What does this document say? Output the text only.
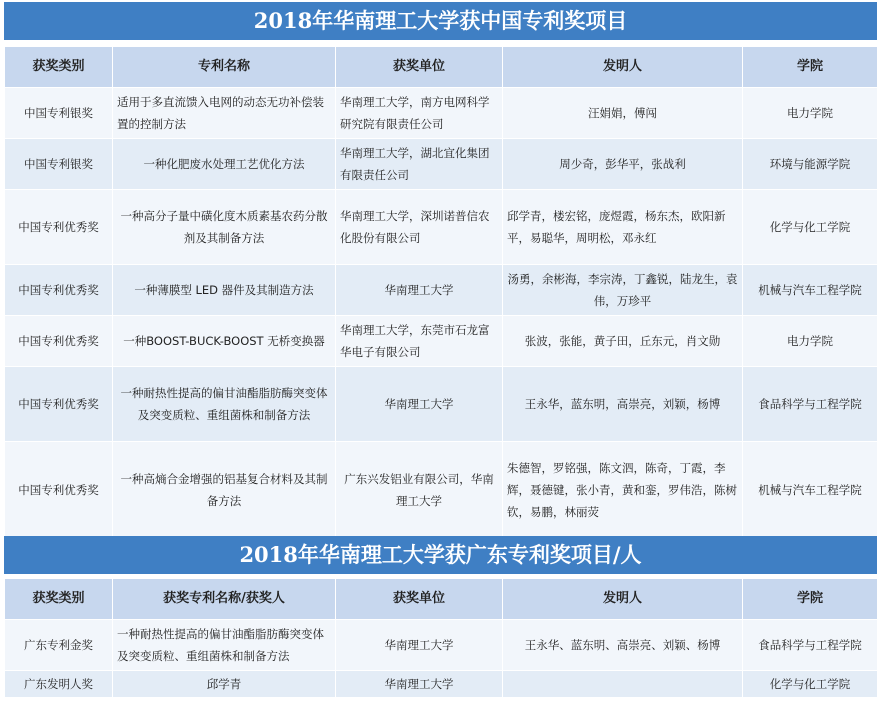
2018年华南理工大学获中国专利奖项目
获奖类别	专利名称	获奖单位	发明人	学院
中国专利银奖	适用于多直流馈入电网的动态无功补偿装置的控制方法	华南理工大学，南方电网科学研究院有限责任公司	汪娟娟，傅闯	电力学院
中国专利银奖	一种化肥废水处理工艺优化方法	华南理工大学，湖北宜化集团有限责任公司	周少奇，彭华平，张战利	环境与能源学院
中国专利优秀奖	一种高分子量中磺化度木质素基农药分散剂及其制备方法	华南理工大学，深圳诺普信农化股份有限公司	邱学青，楼宏铭，庞煜霞，杨东杰，欧阳新平，易聪华，周明松，邓永红	化学与化工学院
中国专利优秀奖	一种薄膜型 LED 器件及其制造方法	华南理工大学	汤勇，余彬海，李宗涛，丁鑫锐，陆龙生，袁伟，万珍平	机械与汽车工程学院
中国专利优秀奖	一种BOOST-BUCK-BOOST 无桥变换器	华南理工大学，东莞市石龙富华电子有限公司	张波，张能，黄子田，丘东元，肖文勋	电力学院
中国专利优秀奖	一种耐热性提高的偏甘油酯脂肪酶突变体及突变质粒、重组菌株和制备方法	华南理工大学	王永华，蓝东明，高崇亮，刘颖，杨博	食品科学与工程学院
中国专利优秀奖	一种高熵合金增强的铝基复合材料及其制备方法	广东兴发铝业有限公司，华南理工大学	朱德智，罗铭强，陈文泗，陈奇，丁霞，李辉，聂德键，张小青，黄和銮，罗伟浩，陈树钦，易鹏，林丽荧	机械与汽车工程学院
2018年华南理工大学获广东专利奖项目/人
获奖类别	获奖专利名称/获奖人	获奖单位	发明人	学院
广东专利金奖	一种耐热性提高的偏甘油酯脂肪酶突变体及突变质粒、重组菌株和制备方法	华南理工大学	王永华、蓝东明、高崇亮、刘颖、杨博	食品科学与工程学院
广东发明人奖	邱学青	华南理工大学		化学与化工学院
